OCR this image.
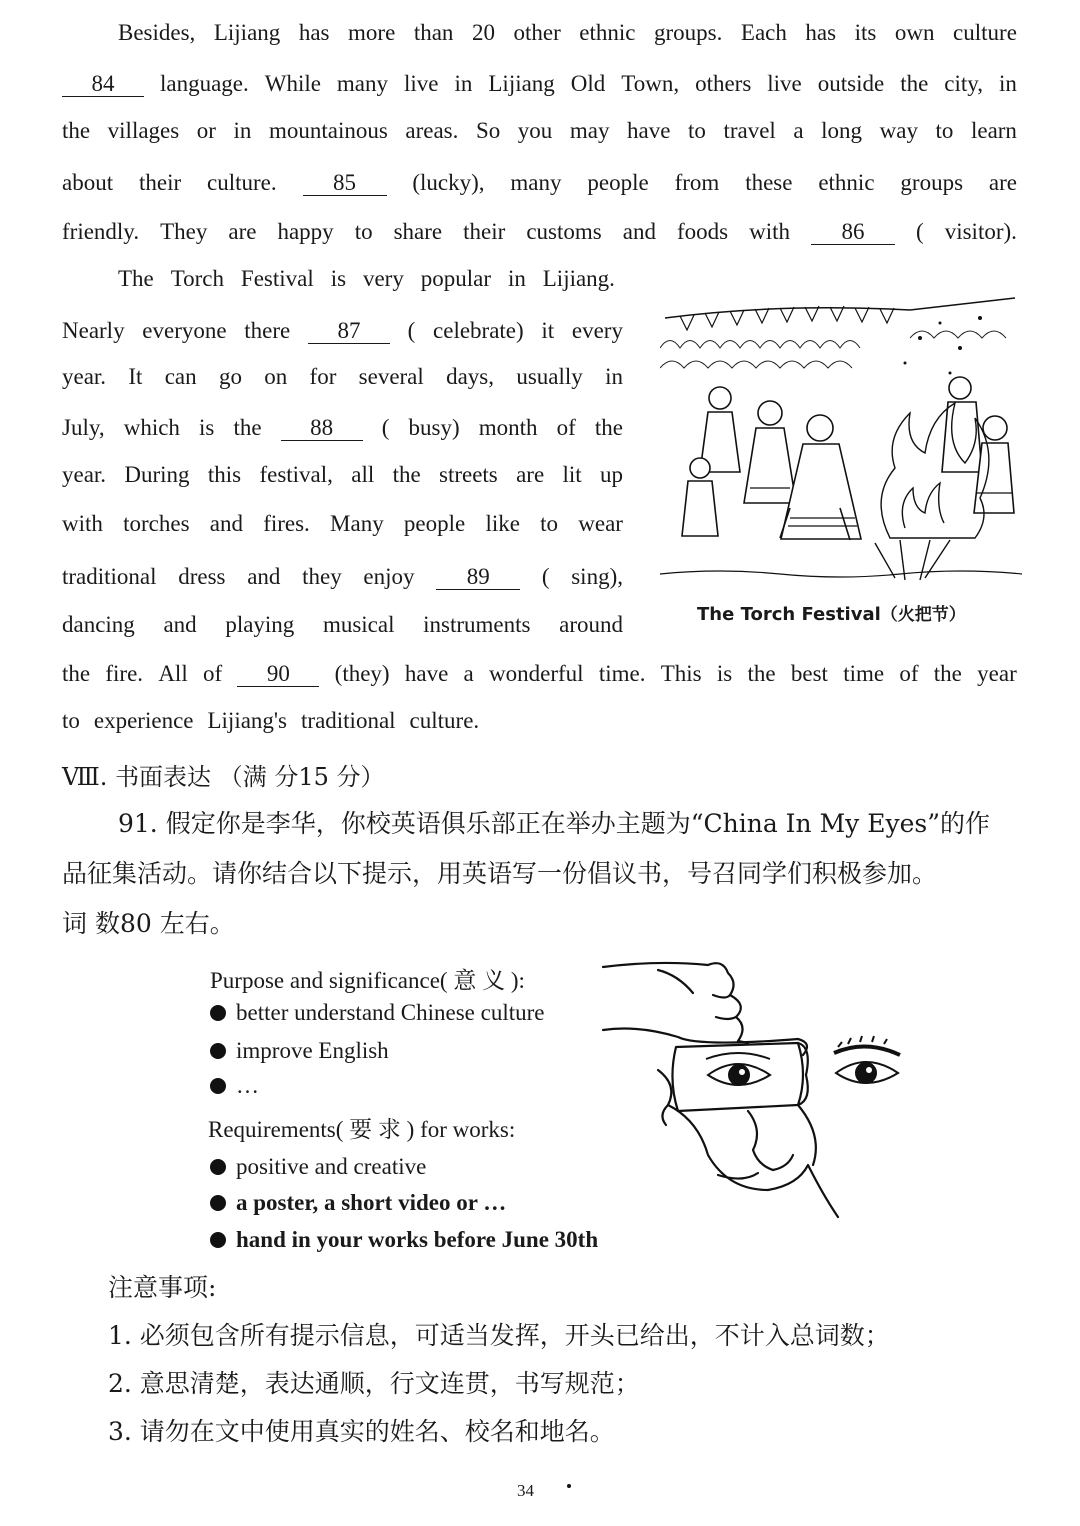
Besides, Lijiang has more than 20 other ethnic groups. Each has its own culture
84	language. While many live in Lijiang Old Town, others live outside the city, in
the villages or in mountainous areas. So you may have to travel a long way to learn
about their culture.	85	(lucky), many people from these ethnic groups are
friendly. They are happy to share their customs and foods with	86	( visitor).
The Torch Festival is very popular in Lijiang.
Nearly everyone there	87	( celebrate) it every
year. It can go on for several days, usually in
July, which is the	88	( busy) month of the
year. During this festival, all the streets are lit up
with torches and fires. Many people like to wear
traditional dress and they enjoy	89	( sing),
dancing and playing musical instruments around
the fire. All of	90	(they) have a wonderful time. This is the best time of the year
to experience Lijiang's traditional culture.
The Torch Festival（火把节）
Ⅷ. 书面表达 （满 分15 分）
91. 假定你是李华，你校英语俱乐部正在举办主题为“China In My Eyes”的作
品征集活动。请你结合以下提示，用英语写一份倡议书，号召同学们积极参加。
词 数80 左右。
Purpose and significance( 意 义 ):
better understand Chinese culture
improve English
…
Requirements( 要 求 ) for works:
positive and creative
a poster, a short video or …
hand in your works before June 30th
注意事项:
1. 必须包含所有提示信息，可适当发挥，开头已给出，不计入总词数；
2. 意思清楚，表达通顺，行文连贯，书写规范；
3. 请勿在文中使用真实的姓名、校名和地名。
34
